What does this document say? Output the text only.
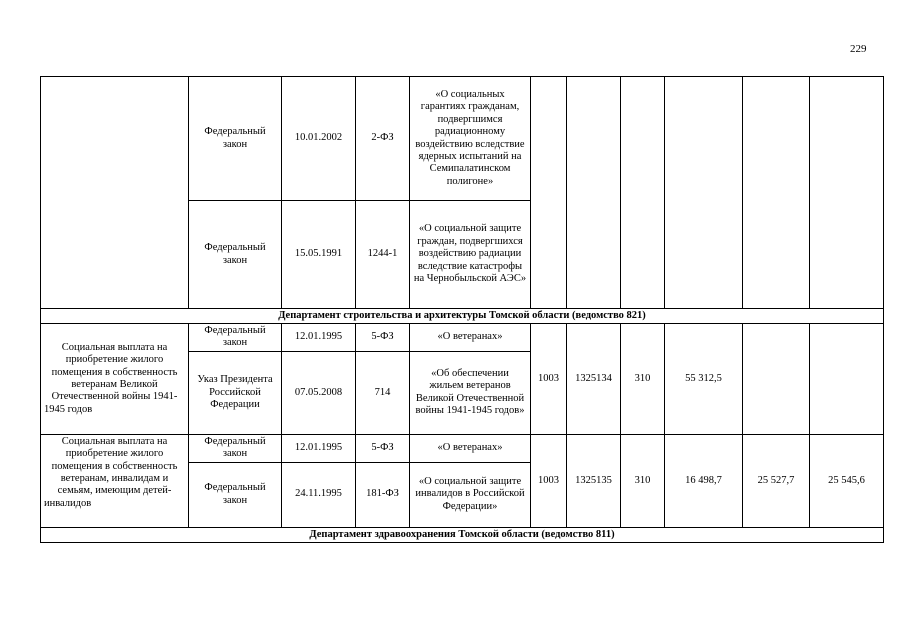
229
	Федеральный закон	10.01.2002	2-ФЗ	«О социальных гарантиях гражданам, подвергшимся радиационному воздействию вследствие ядерных испытаний на Семипалатинском полигоне»						
	Федеральный закон	15.05.1991	1244-1	«О социальной защите граждан, подвергшихся воздействию радиации вследствие катастрофы на Чернобыльской АЭС»						
Департамент строительства и архитектуры Томской области (ведомство 821)										
Социальная выплата на приобретение жилого помещения в собственность ветеранам Великой Отечественной войны 1941-1945 годов	Федеральный закон	12.01.1995	5-ФЗ	«О ветеранах»	1003	1325134	310	55 312,5		
	Указ Президента Российской Федерации	07.05.2008	714	«Об обеспечении жильем ветеранов Великой Отечественной войны 1941-1945 годов»						
Социальная выплата на приобретение жилого помещения в собственность ветеранам, инвалидам и семьям, имеющим детей-инвалидов	Федеральный закон	12.01.1995	5-ФЗ	«О ветеранах»	1003	1325135	310	16 498,7	25 527,7	25 545,6
	Федеральный закон	24.11.1995	181-ФЗ	«О социальной защите инвалидов в Российской Федерации»						
Департамент здравоохранения Томской области (ведомство 811)										
